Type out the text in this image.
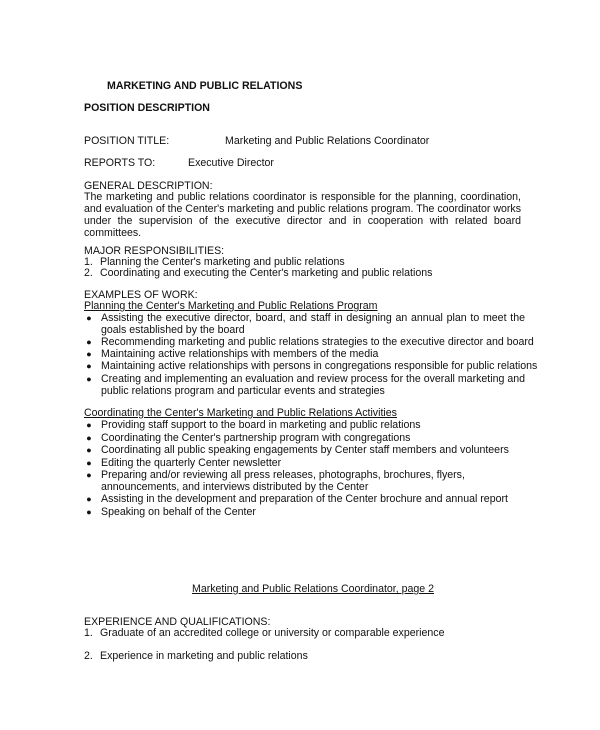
MARKETING AND PUBLIC RELATIONS
POSITION DESCRIPTION
POSITION TITLE:	Marketing and Public Relations Coordinator
REPORTS TO:	Executive Director
GENERAL DESCRIPTION:
The marketing and public relations coordinator is responsible for the planning, coordination, and evaluation of the Center's marketing and public relations program. The coordinator works under the supervision of the executive director and in cooperation with related board committees.
MAJOR RESPONSIBILITIES:
1. Planning the Center's marketing and public relations
2. Coordinating and executing the Center's marketing and public relations
EXAMPLES OF WORK:
Planning the Center's Marketing and Public Relations Program
● Assisting the executive director, board, and staff in designing an annual plan to meet the goals established by the board
● Recommending marketing and public relations strategies to the executive director and board
● Maintaining active relationships with members of the media
● Maintaining active relationships with persons in congregations responsible for public relations
● Creating and implementing an evaluation and review process for the overall marketing and public relations program and particular events and strategies
Coordinating the Center's Marketing and Public Relations Activities
● Providing staff support to the board in marketing and public relations
● Coordinating the Center's partnership program with congregations
● Coordinating all public speaking engagements by Center staff members and volunteers
● Editing the quarterly Center newsletter
● Preparing and/or reviewing all press releases, photographs, brochures, flyers, announcements, and interviews distributed by the Center
● Assisting in the development and preparation of the Center brochure and annual report
● Speaking on behalf of the Center
Marketing and Public Relations Coordinator, page 2
EXPERIENCE AND QUALIFICATIONS:
1. Graduate of an accredited college or university or comparable experience
2. Experience in marketing and public relations
